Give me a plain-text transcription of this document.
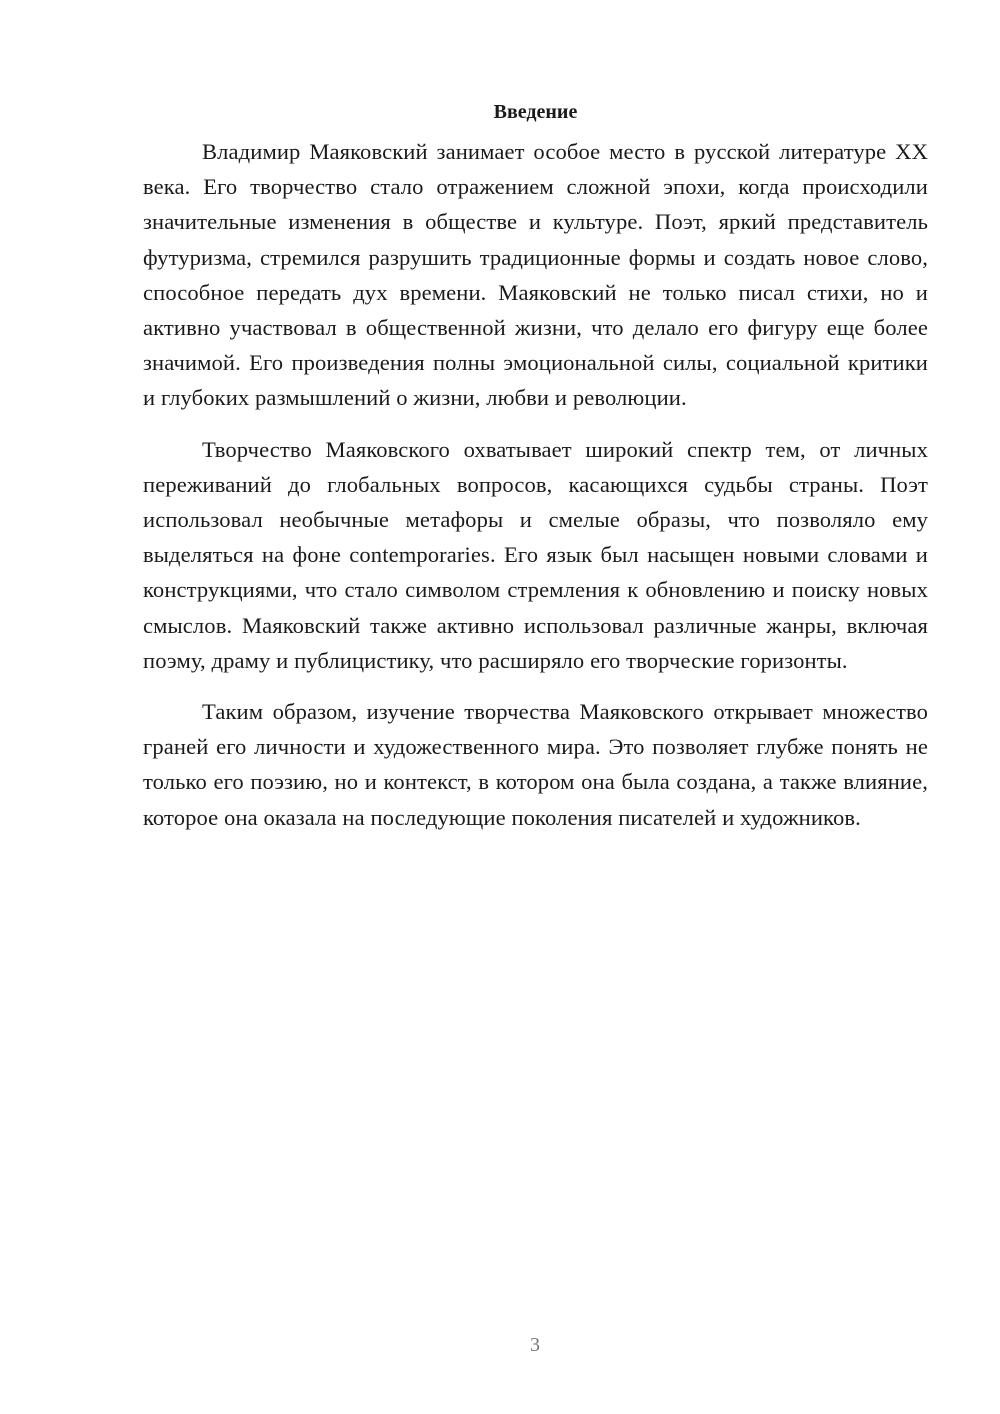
Введение

Владимир Маяковский занимает особое место в русской литературе XX века. Его творчество стало отражением сложной эпохи, когда происходили значительные изменения в обществе и культуре. Поэт, яркий представитель футуризма, стремился разрушить традиционные формы и создать новое слово, способное передать дух времени. Маяковский не только писал стихи, но и активно участвовал в общественной жизни, что делало его фигуру еще более значимой. Его произведения полны эмоциональной силы, социальной критики и глубоких размышлений о жизни, любви и революции.

Творчество Маяковского охватывает широкий спектр тем, от личных переживаний до глобальных вопросов, касающихся судьбы страны. Поэт использовал необычные метафоры и смелые образы, что позволяло ему выделяться на фоне contemporaries. Его язык был насыщен новыми словами и конструкциями, что стало символом стремления к обновлению и поиску новых смыслов. Маяковский также активно использовал различные жанры, включая поэму, драму и публицистику, что расширяло его творческие горизонты.

Таким образом, изучение творчества Маяковского открывает множество граней его личности и художественного мира. Это позволяет глубже понять не только его поэзию, но и контекст, в котором она была создана, а также влияние, которое она оказала на последующие поколения писателей и художников.

3
